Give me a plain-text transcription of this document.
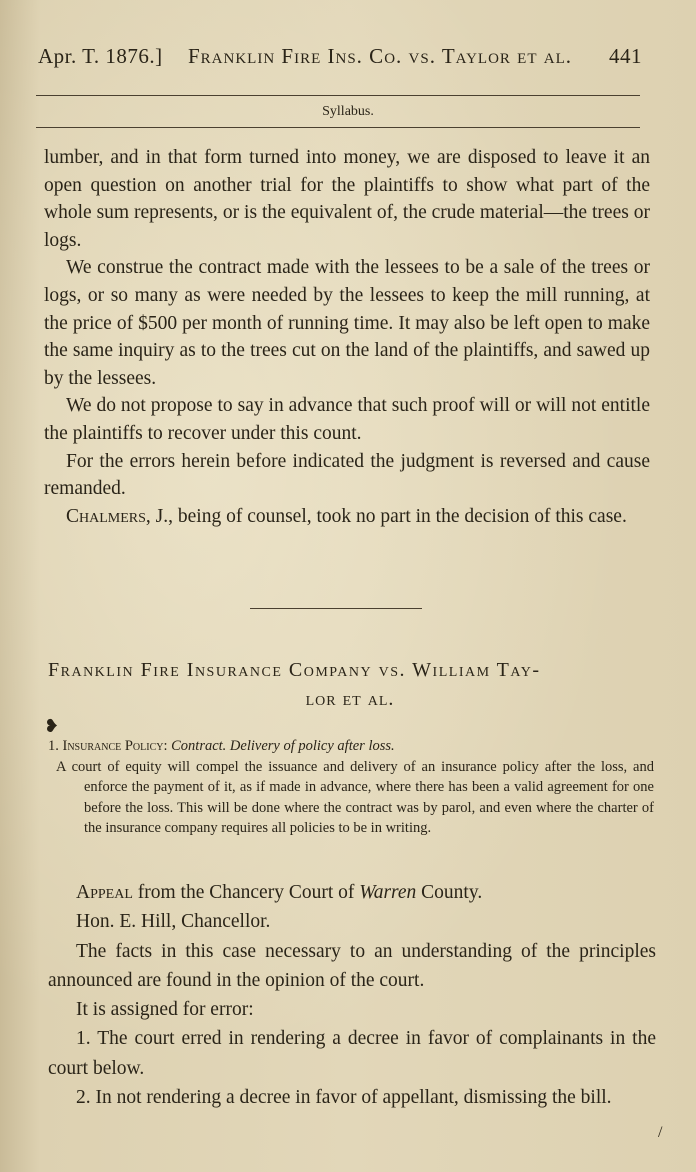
Apr. T. 1876.] Franklin Fire Ins. Co. vs. Taylor et al. 441
Syllabus.

lumber, and in that form turned into money, we are disposed to leave it an open question on another trial for the plaintiffs to show what part of the whole sum represents, or is the equivalent of, the crude material—the trees or logs.

We construe the contract made with the lessees to be a sale of the trees or logs, or so many as were needed by the lessees to keep the mill running, at the price of $500 per month of running time. It may also be left open to make the same inquiry as to the trees cut on the land of the plaintiffs, and sawed up by the lessees.

We do not propose to say in advance that such proof will or will not entitle the plaintiffs to recover under this count.

For the errors herein before indicated the judgment is reversed and cause remanded.

Chalmers, J., being of counsel, took no part in the decision of this case.

Franklin Fire Insurance Company vs. William Tay-
lor et al.
❥

1. Insurance Policy: Contract. Delivery of policy after loss.

A court of equity will compel the issuance and delivery of an insurance policy after the loss, and enforce the payment of it, as if made in advance, where there has been a valid agreement for one before the loss. This will be done where the contract was by parol, and even where the charter of the insurance company requires all policies to be in writing.

Appeal from the Chancery Court of Warren County.

Hon. E. Hill, Chancellor.

The facts in this case necessary to an understanding of the principles announced are found in the opinion of the court.

It is assigned for error:

1. The court erred in rendering a decree in favor of complainants in the court below.

2. In not rendering a decree in favor of appellant, dismissing the bill.

/
